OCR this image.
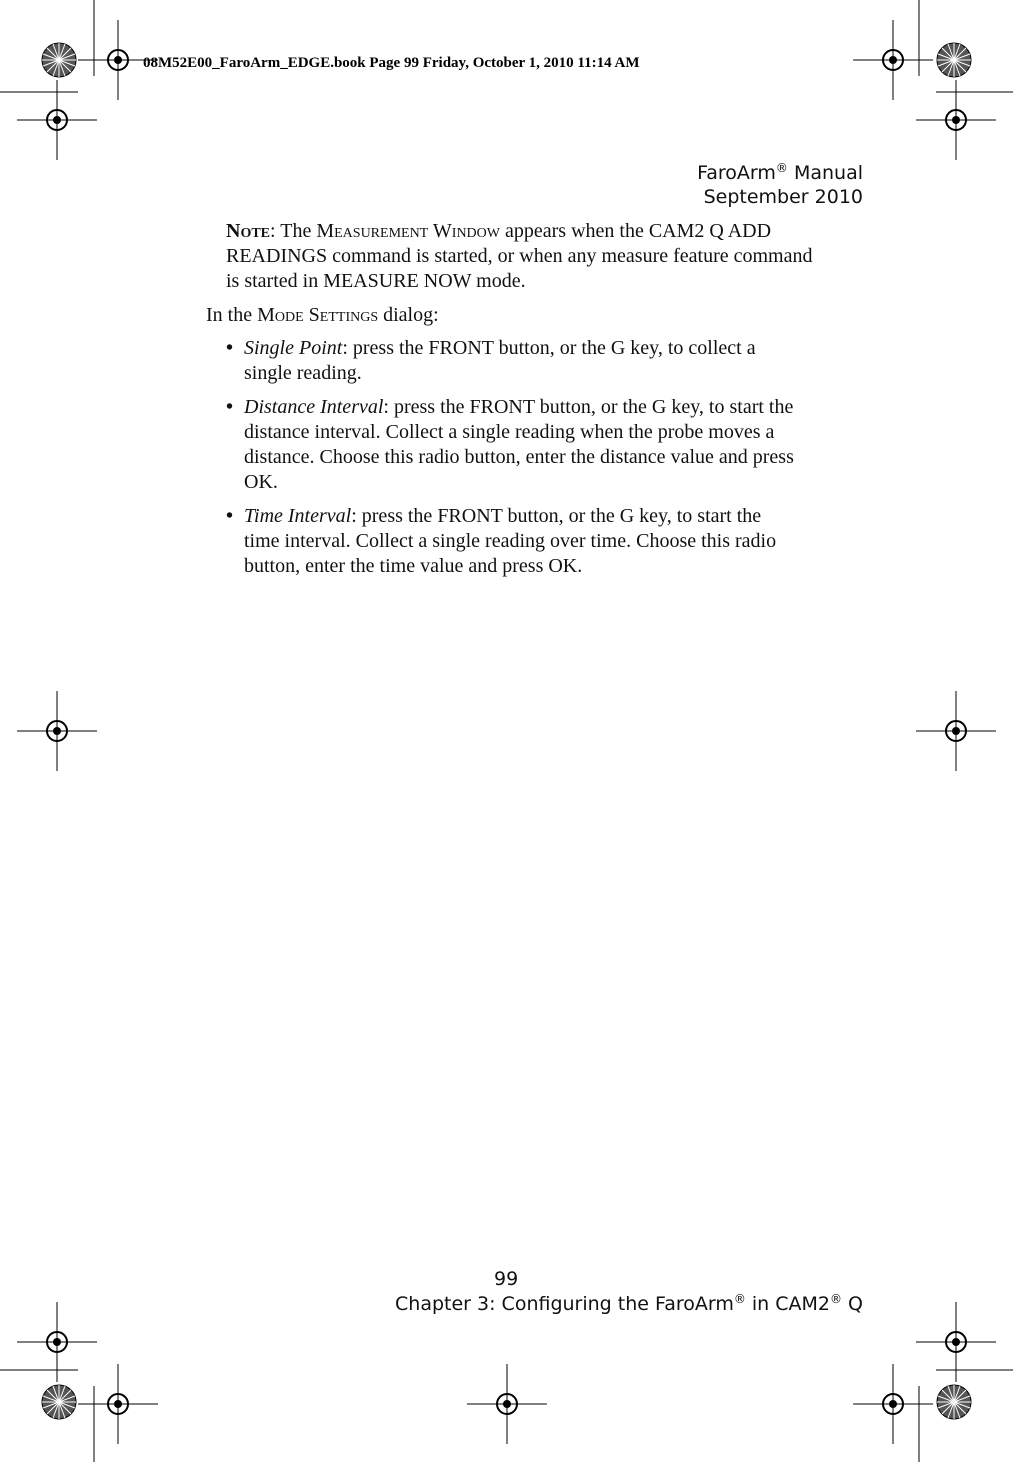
08M52E00_FaroArm_EDGE.book Page 99 Friday, October 1, 2010 11:14 AM
FaroArm® Manual
September 2010
Note: The Measurement Window appears when the CAM2 Q ADD READINGS command is started, or when any measure feature command is started in MEASURE NOW mode.
In the Mode Settings dialog:
• Single Point: press the FRONT button, or the G key, to collect a single reading.
• Distance Interval: press the FRONT button, or the G key, to start the distance interval. Collect a single reading when the probe moves a distance. Choose this radio button, enter the distance value and press OK.
• Time Interval: press the FRONT button, or the G key, to start the time interval. Collect a single reading over time. Choose this radio button, enter the time value and press OK.
99
Chapter 3: Configuring the FaroArm® in CAM2® Q
